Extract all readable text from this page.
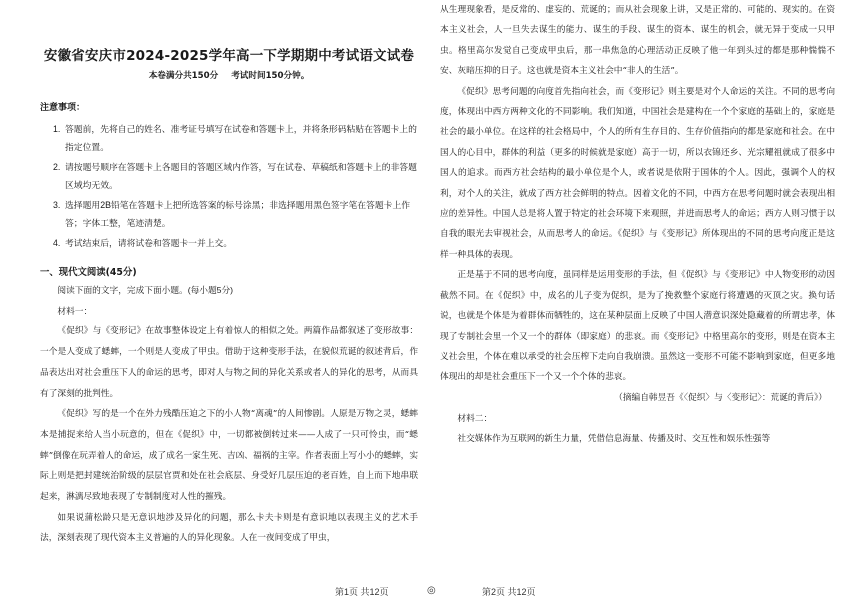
安徽省安庆市2024-2025学年高一下学期期中考试语文试卷
本卷满分共150分 考试时间150分钟。
注意事项：
1. 答题前，先将自己的姓名、准考证号填写在试卷和答题卡上，并将条形码粘贴在答题卡上的指定位置。
2. 请按题号顺序在答题卡上各题目的答题区域内作答，写在试卷、草稿纸和答题卡上的非答题区域均无效。
3. 选择题用2B铅笔在答题卡上把所选答案的标号涂黑；非选择题用黑色签字笔在答题卡上作答；字体工整，笔迹清楚。
4. 考试结束后，请将试卷和答题卡一并上交。
一、现代文阅读(45分)

阅读下面的文字，完成下面小题。(每小题5分)

材料一：

《促织》与《变形记》在故事整体设定上有着惊人的相似之处。两篇作品都叙述了变形故事：一个是人变成了蟋蟀，一个则是人变成了甲虫。借助于这种变形手法，在貌似荒诞的叙述背后，作品表达出对社会重压下人的命运的思考，即对人与物之间的异化关系或者人的异化的思考，从而具有了深刻的批判性。

《促织》写的是一个在外力残酷压迫之下的小人物“离魂”的人间惨剧。人原是万物之灵，蟋蟀本是捕捉来给人当小玩意的，但在《促织》中，一切都被倒转过来——人成了一只可怜虫，而“蟋蟀”倒像在玩弄着人的命运，成了成名一家生死、吉凶、福祸的主宰。作者表面上写小小的蟋蟀，实际上则是把封建统治阶级的层层官贾和处在社会底层、身受好几层压迫的老百姓，自上而下地串联起来，淋漓尽致地表现了专制制度对人性的摧残。

如果说蒲松龄只是无意识地涉及异化的问题，那么卡夫卡则是有意识地以表现主义的艺术手法，深刻表现了现代资本主义普遍的人的异化现象。人在一夜间变成了甲虫，

第1页 共12页	◎

从生理现象看，是反常的、虚妄的、荒诞的；而从社会现象上讲，又是正常的、可能的、现实的。在资本主义社会，人一旦失去谋生的能力、谋生的手段、谋生的资本、谋生的机会，就无异于变成一只甲虫。格里高尔发觉自己变成甲虫后，那一串焦急的心理活动正反映了他一年到头过的都是那种惴惴不安、灰暗压抑的日子。这也就是资本主义社会中“非人的生活”。

《促织》思考问题的向度首先指向社会，而《变形记》则主要是对个人命运的关注。不同的思考向度，体现出中西方两种文化的不同影响。我们知道，中国社会是建构在一个个家庭的基础上的，家庭是社会的最小单位。在这样的社会格局中，个人的所有生存目的、生存价值指向的都是家庭和社会。在中国人的心目中，群体的利益（更多的时候就是家庭）高于一切，所以衣锦还乡、光宗耀祖就成了很多中国人的追求。而西方社会结构的最小单位是个人，或者说是依附于国体的个人。因此，强调个人的权利，对个人的关注，就成了西方社会鲜明的特点。因着文化的不同，中西方在思考问题时就会表现出相应的差异性。中国人总是将人置于特定的社会环境下来观照，并进而思考人的命运；西方人则习惯于以自我的眼光去审视社会，从而思考人的命运。《促织》与《变形记》所体现出的不同的思考向度正是这样一种具体的表现。

正是基于不同的思考向度，虽同样是运用变形的手法，但《促织》与《变形记》中人物变形的动因截然不同。在《促织》中，成名的儿子变为促织，是为了挽救整个家庭行将遭遇的灭顶之灾。换句话说，也就是个体是为着群体而牺牲的，这在某种层面上反映了中国人潜意识深处隐藏着的所谓忠孝，体现了专制社会里一个又一个的群体（即家庭）的悲哀。而《变形记》中格里高尔的变形，则是在资本主义社会里，个体在难以承受的社会压榨下走向自我崩溃。虽然这一变形不可能不影响到家庭，但更多地体现出的却是社会重压下一个又一个个体的悲哀。

（摘编自韩昱吾《〈促织〉与〈变形记〉：荒诞的背后》）

材料二：

社交媒体作为互联网的新生力量，凭借信息海量、传播及时、交互性和娱乐性强等

第2页 共12页
